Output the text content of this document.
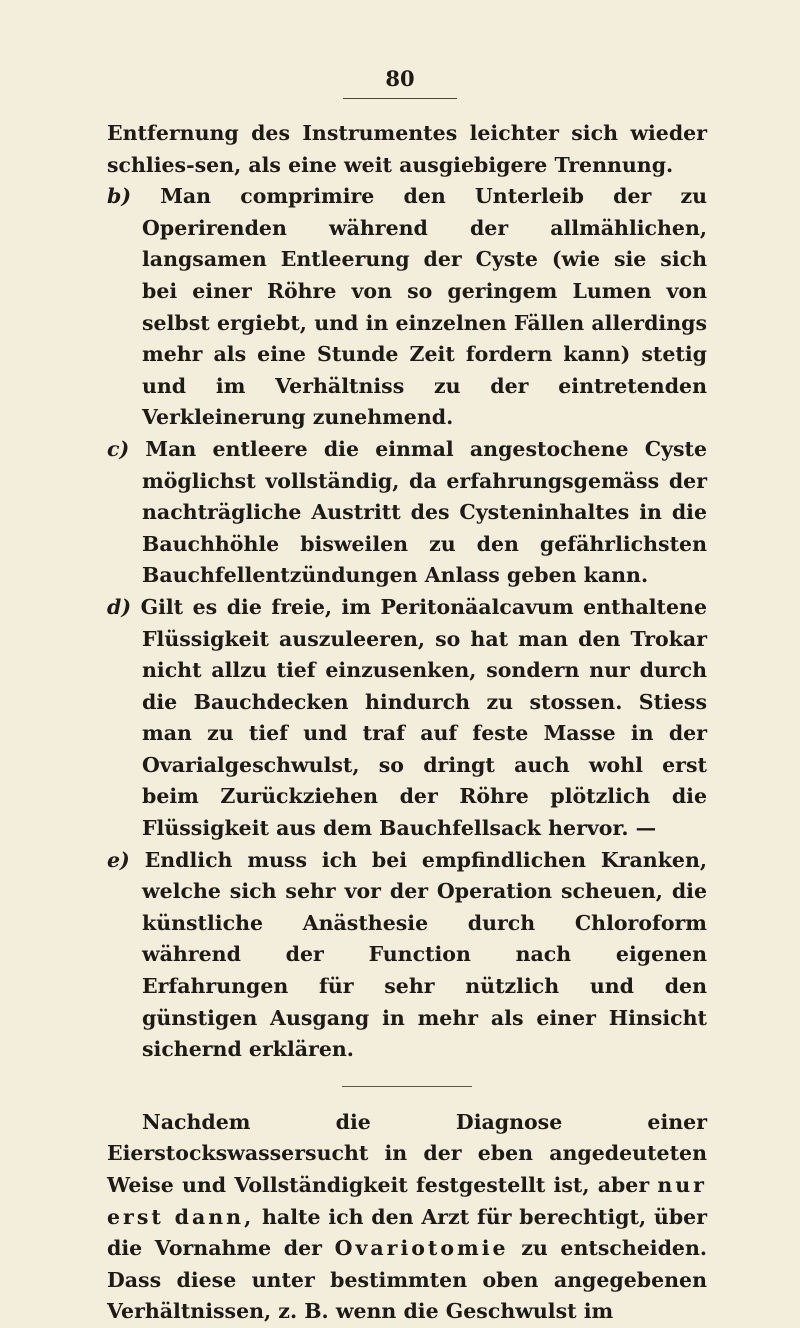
80

Entfernung des Instrumentes leichter sich wieder schlies-sen, als eine weit ausgiebigere Trennung.

b) Man comprimire den Unterleib der zu Operirenden während der allmählichen, langsamen Entleerung der Cyste (wie sie sich bei einer Röhre von so geringem Lumen von selbst ergiebt, und in einzelnen Fällen allerdings mehr als eine Stunde Zeit fordern kann) stetig und im Verhältniss zu der eintretenden Verkleinerung zunehmend.

c) Man entleere die einmal angestochene Cyste möglichst vollständig, da erfahrungsgemäss der nachträgliche Austritt des Cysteninhaltes in die Bauchhöhle bisweilen zu den gefährlichsten Bauchfellentzündungen Anlass geben kann.

d) Gilt es die freie, im Peritonäalcavum enthaltene Flüssigkeit auszuleeren, so hat man den Trokar nicht allzu tief einzusenken, sondern nur durch die Bauchdecken hindurch zu stossen. Stiess man zu tief und traf auf feste Masse in der Ovarialgeschwulst, so dringt auch wohl erst beim Zurückziehen der Röhre plötzlich die Flüssigkeit aus dem Bauchfellsack hervor. —

e) Endlich muss ich bei empfindlichen Kranken, welche sich sehr vor der Operation scheuen, die künstliche Anästhesie durch Chloroform während der Function nach eigenen Erfahrungen für sehr nützlich und den günstigen Ausgang in mehr als einer Hinsicht sichernd erklären.

Nachdem die Diagnose einer Eierstockswassersucht in der eben angedeuteten Weise und Vollständigkeit festgestellt ist, aber nur erst dann, halte ich den Arzt für berechtigt, über die Vornahme der Ovariotomie zu entscheiden. Dass diese unter bestimmten oben angegebenen Verhältnissen, z. B. wenn die Geschwulst im
